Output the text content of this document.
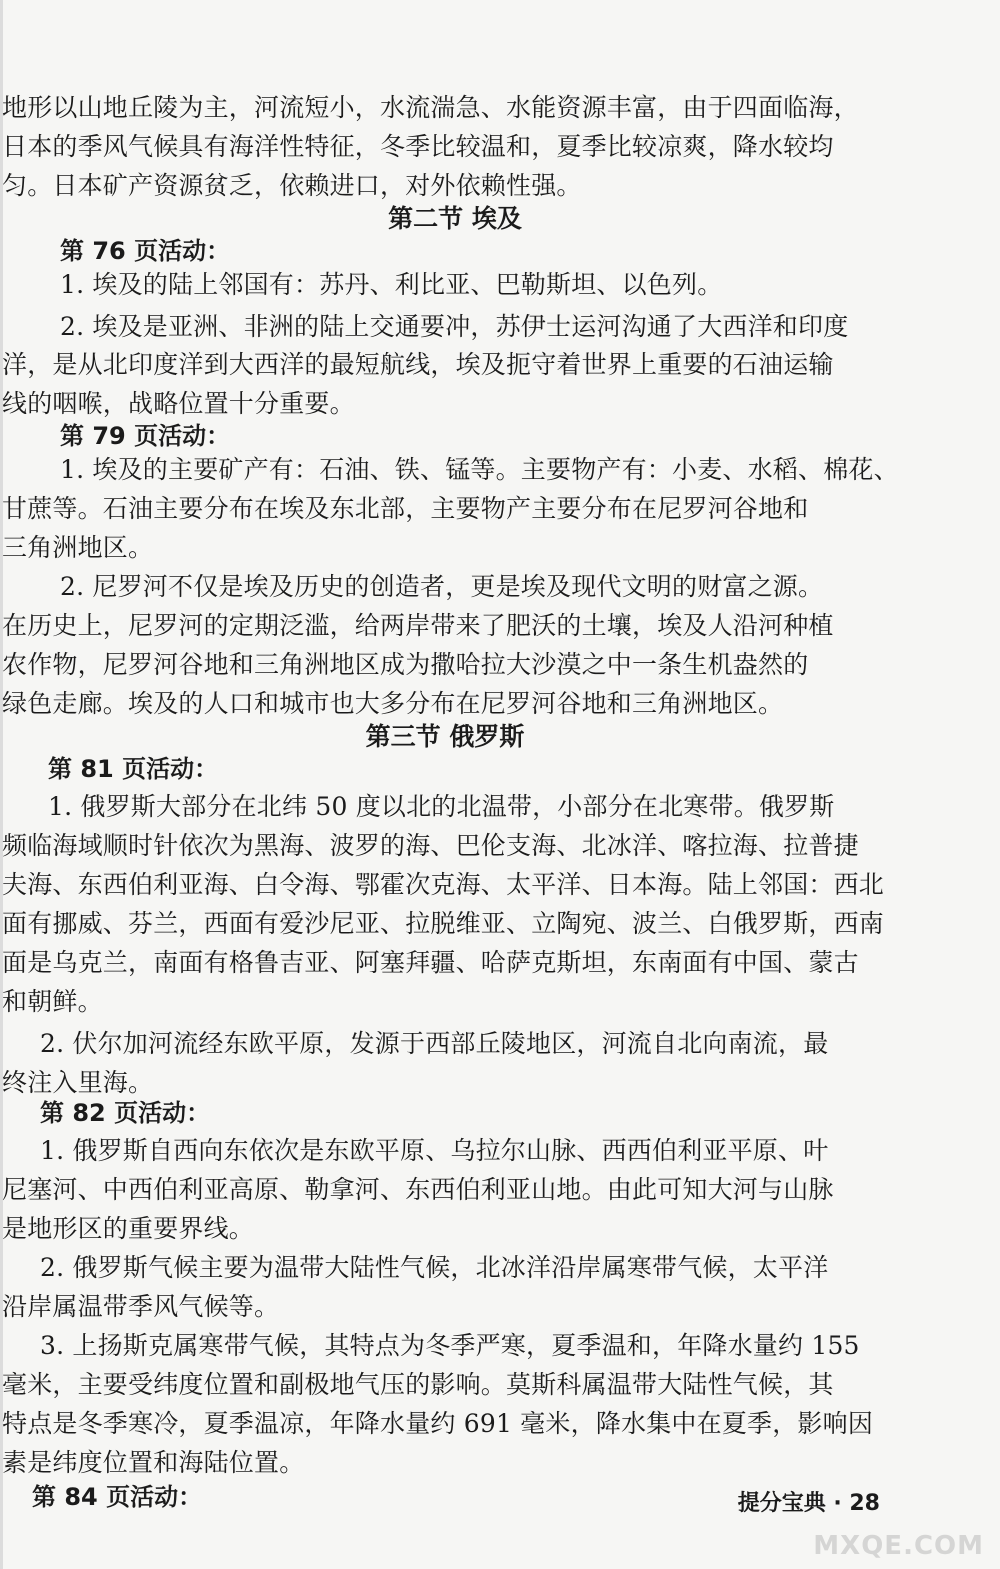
地形以山地丘陵为主，河流短小，水流湍急、水能资源丰富，由于四面临海，
日本的季风气候具有海洋性特征，冬季比较温和，夏季比较凉爽，降水较均
匀。日本矿产资源贫乏，依赖进口，对外依赖性强。
第二节 埃及
第 76 页活动：
1. 埃及的陆上邻国有：苏丹、利比亚、巴勒斯坦、以色列。
2. 埃及是亚洲、非洲的陆上交通要冲，苏伊士运河沟通了大西洋和印度
洋，是从北印度洋到大西洋的最短航线，埃及扼守着世界上重要的石油运输
线的咽喉，战略位置十分重要。
第 79 页活动：
1. 埃及的主要矿产有：石油、铁、锰等。主要物产有：小麦、水稻、棉花、
甘蔗等。石油主要分布在埃及东北部，主要物产主要分布在尼罗河谷地和
三角洲地区。
2. 尼罗河不仅是埃及历史的创造者，更是埃及现代文明的财富之源。
在历史上，尼罗河的定期泛滥，给两岸带来了肥沃的土壤，埃及人沿河种植
农作物，尼罗河谷地和三角洲地区成为撒哈拉大沙漠之中一条生机盎然的
绿色走廊。埃及的人口和城市也大多分布在尼罗河谷地和三角洲地区。
第三节 俄罗斯
第 81 页活动：
1. 俄罗斯大部分在北纬 50 度以北的北温带，小部分在北寒带。俄罗斯
频临海域顺时针依次为黑海、波罗的海、巴伦支海、北冰洋、喀拉海、拉普捷
夫海、东西伯利亚海、白令海、鄂霍次克海、太平洋、日本海。陆上邻国：西北
面有挪威、芬兰，西面有爱沙尼亚、拉脱维亚、立陶宛、波兰、白俄罗斯，西南
面是乌克兰，南面有格鲁吉亚、阿塞拜疆、哈萨克斯坦，东南面有中国、蒙古
和朝鲜。
2. 伏尔加河流经东欧平原，发源于西部丘陵地区，河流自北向南流，最
终注入里海。
第 82 页活动：
1. 俄罗斯自西向东依次是东欧平原、乌拉尔山脉、西西伯利亚平原、叶
尼塞河、中西伯利亚高原、勒拿河、东西伯利亚山地。由此可知大河与山脉
是地形区的重要界线。
2. 俄罗斯气候主要为温带大陆性气候，北冰洋沿岸属寒带气候，太平洋
沿岸属温带季风气候等。
3. 上扬斯克属寒带气候，其特点为冬季严寒，夏季温和，年降水量约 155
毫米，主要受纬度位置和副极地气压的影响。莫斯科属温带大陆性气候，其
特点是冬季寒冷，夏季温凉，年降水量约 691 毫米，降水集中在夏季，影响因
素是纬度位置和海陆位置。
第 84 页活动：	提分宝典 · 28
MXQE.COM
